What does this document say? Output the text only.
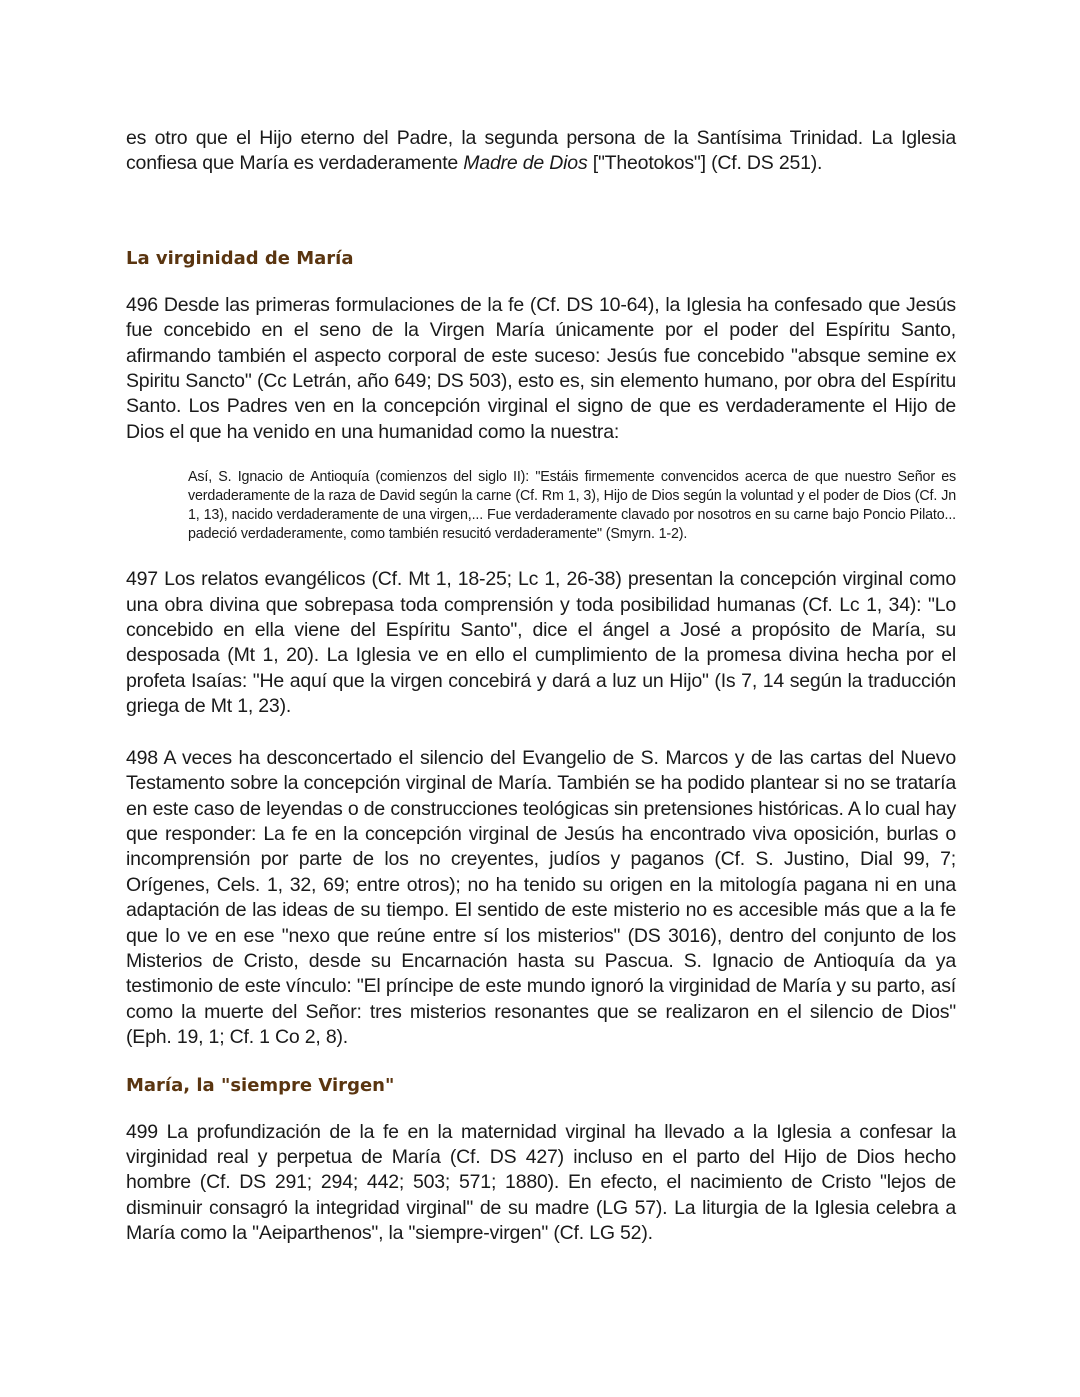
es otro que el Hijo eterno del Padre, la segunda persona de la Santísima Trinidad. La Iglesia confiesa que María es verdaderamente Madre de Dios ["Theotokos"] (Cf. DS 251).

La virginidad de María

496 Desde las primeras formulaciones de la fe (Cf. DS 10-64), la Iglesia ha confesado que Jesús fue concebido en el seno de la Virgen María únicamente por el poder del Espíritu Santo, afirmando también el aspecto corporal de este suceso: Jesús fue concebido "absque semine ex Spiritu Sancto" (Cc Letrán, año 649; DS 503), esto es, sin elemento humano, por obra del Espíritu Santo. Los Padres ven en la concepción virginal el signo de que es verdaderamente el Hijo de Dios el que ha venido en una humanidad como la nuestra:

Así, S. Ignacio de Antioquía (comienzos del siglo II): "Estáis firmemente convencidos acerca de que nuestro Señor es verdaderamente de la raza de David según la carne (Cf. Rm 1, 3), Hijo de Dios según la voluntad y el poder de Dios (Cf. Jn 1, 13), nacido verdaderamente de una virgen,... Fue verdaderamente clavado por nosotros en su carne bajo Poncio Pilato... padeció verdaderamente, como también resucitó verdaderamente" (Smyrn. 1-2).

497 Los relatos evangélicos (Cf. Mt 1, 18-25; Lc 1, 26-38) presentan la concepción virginal como una obra divina que sobrepasa toda comprensión y toda posibilidad humanas (Cf. Lc 1, 34): "Lo concebido en ella viene del Espíritu Santo", dice el ángel a José a propósito de María, su desposada (Mt 1, 20). La Iglesia ve en ello el cumplimiento de la promesa divina hecha por el profeta Isaías: "He aquí que la virgen concebirá y dará a luz un Hijo" (Is 7, 14 según la traducción griega de Mt 1, 23).

498 A veces ha desconcertado el silencio del Evangelio de S. Marcos y de las cartas del Nuevo Testamento sobre la concepción virginal de María. También se ha podido plantear si no se trataría en este caso de leyendas o de construcciones teológicas sin pretensiones históricas. A lo cual hay que responder: La fe en la concepción virginal de Jesús ha encontrado viva oposición, burlas o incomprensión por parte de los no creyentes, judíos y paganos (Cf. S. Justino, Dial 99, 7; Orígenes, Cels. 1, 32, 69; entre otros); no ha tenido su origen en la mitología pagana ni en una adaptación de las ideas de su tiempo. El sentido de este misterio no es accesible más que a la fe que lo ve en ese "nexo que reúne entre sí los misterios" (DS 3016), dentro del conjunto de los Misterios de Cristo, desde su Encarnación hasta su Pascua. S. Ignacio de Antioquía da ya testimonio de este vínculo: "El príncipe de este mundo ignoró la virginidad de María y su parto, así como la muerte del Señor: tres misterios resonantes que se realizaron en el silencio de Dios" (Eph. 19, 1; Cf. 1 Co 2, 8).

María, la "siempre Virgen"

499 La profundización de la fe en la maternidad virginal ha llevado a la Iglesia a confesar la virginidad real y perpetua de María (Cf. DS 427) incluso en el parto del Hijo de Dios hecho hombre (Cf. DS 291; 294; 442; 503; 571; 1880). En efecto, el nacimiento de Cristo "lejos de disminuir consagró la integridad virginal" de su madre (LG 57). La liturgia de la Iglesia celebra a María como la "Aeiparthenos", la "siempre-virgen" (Cf. LG 52).
